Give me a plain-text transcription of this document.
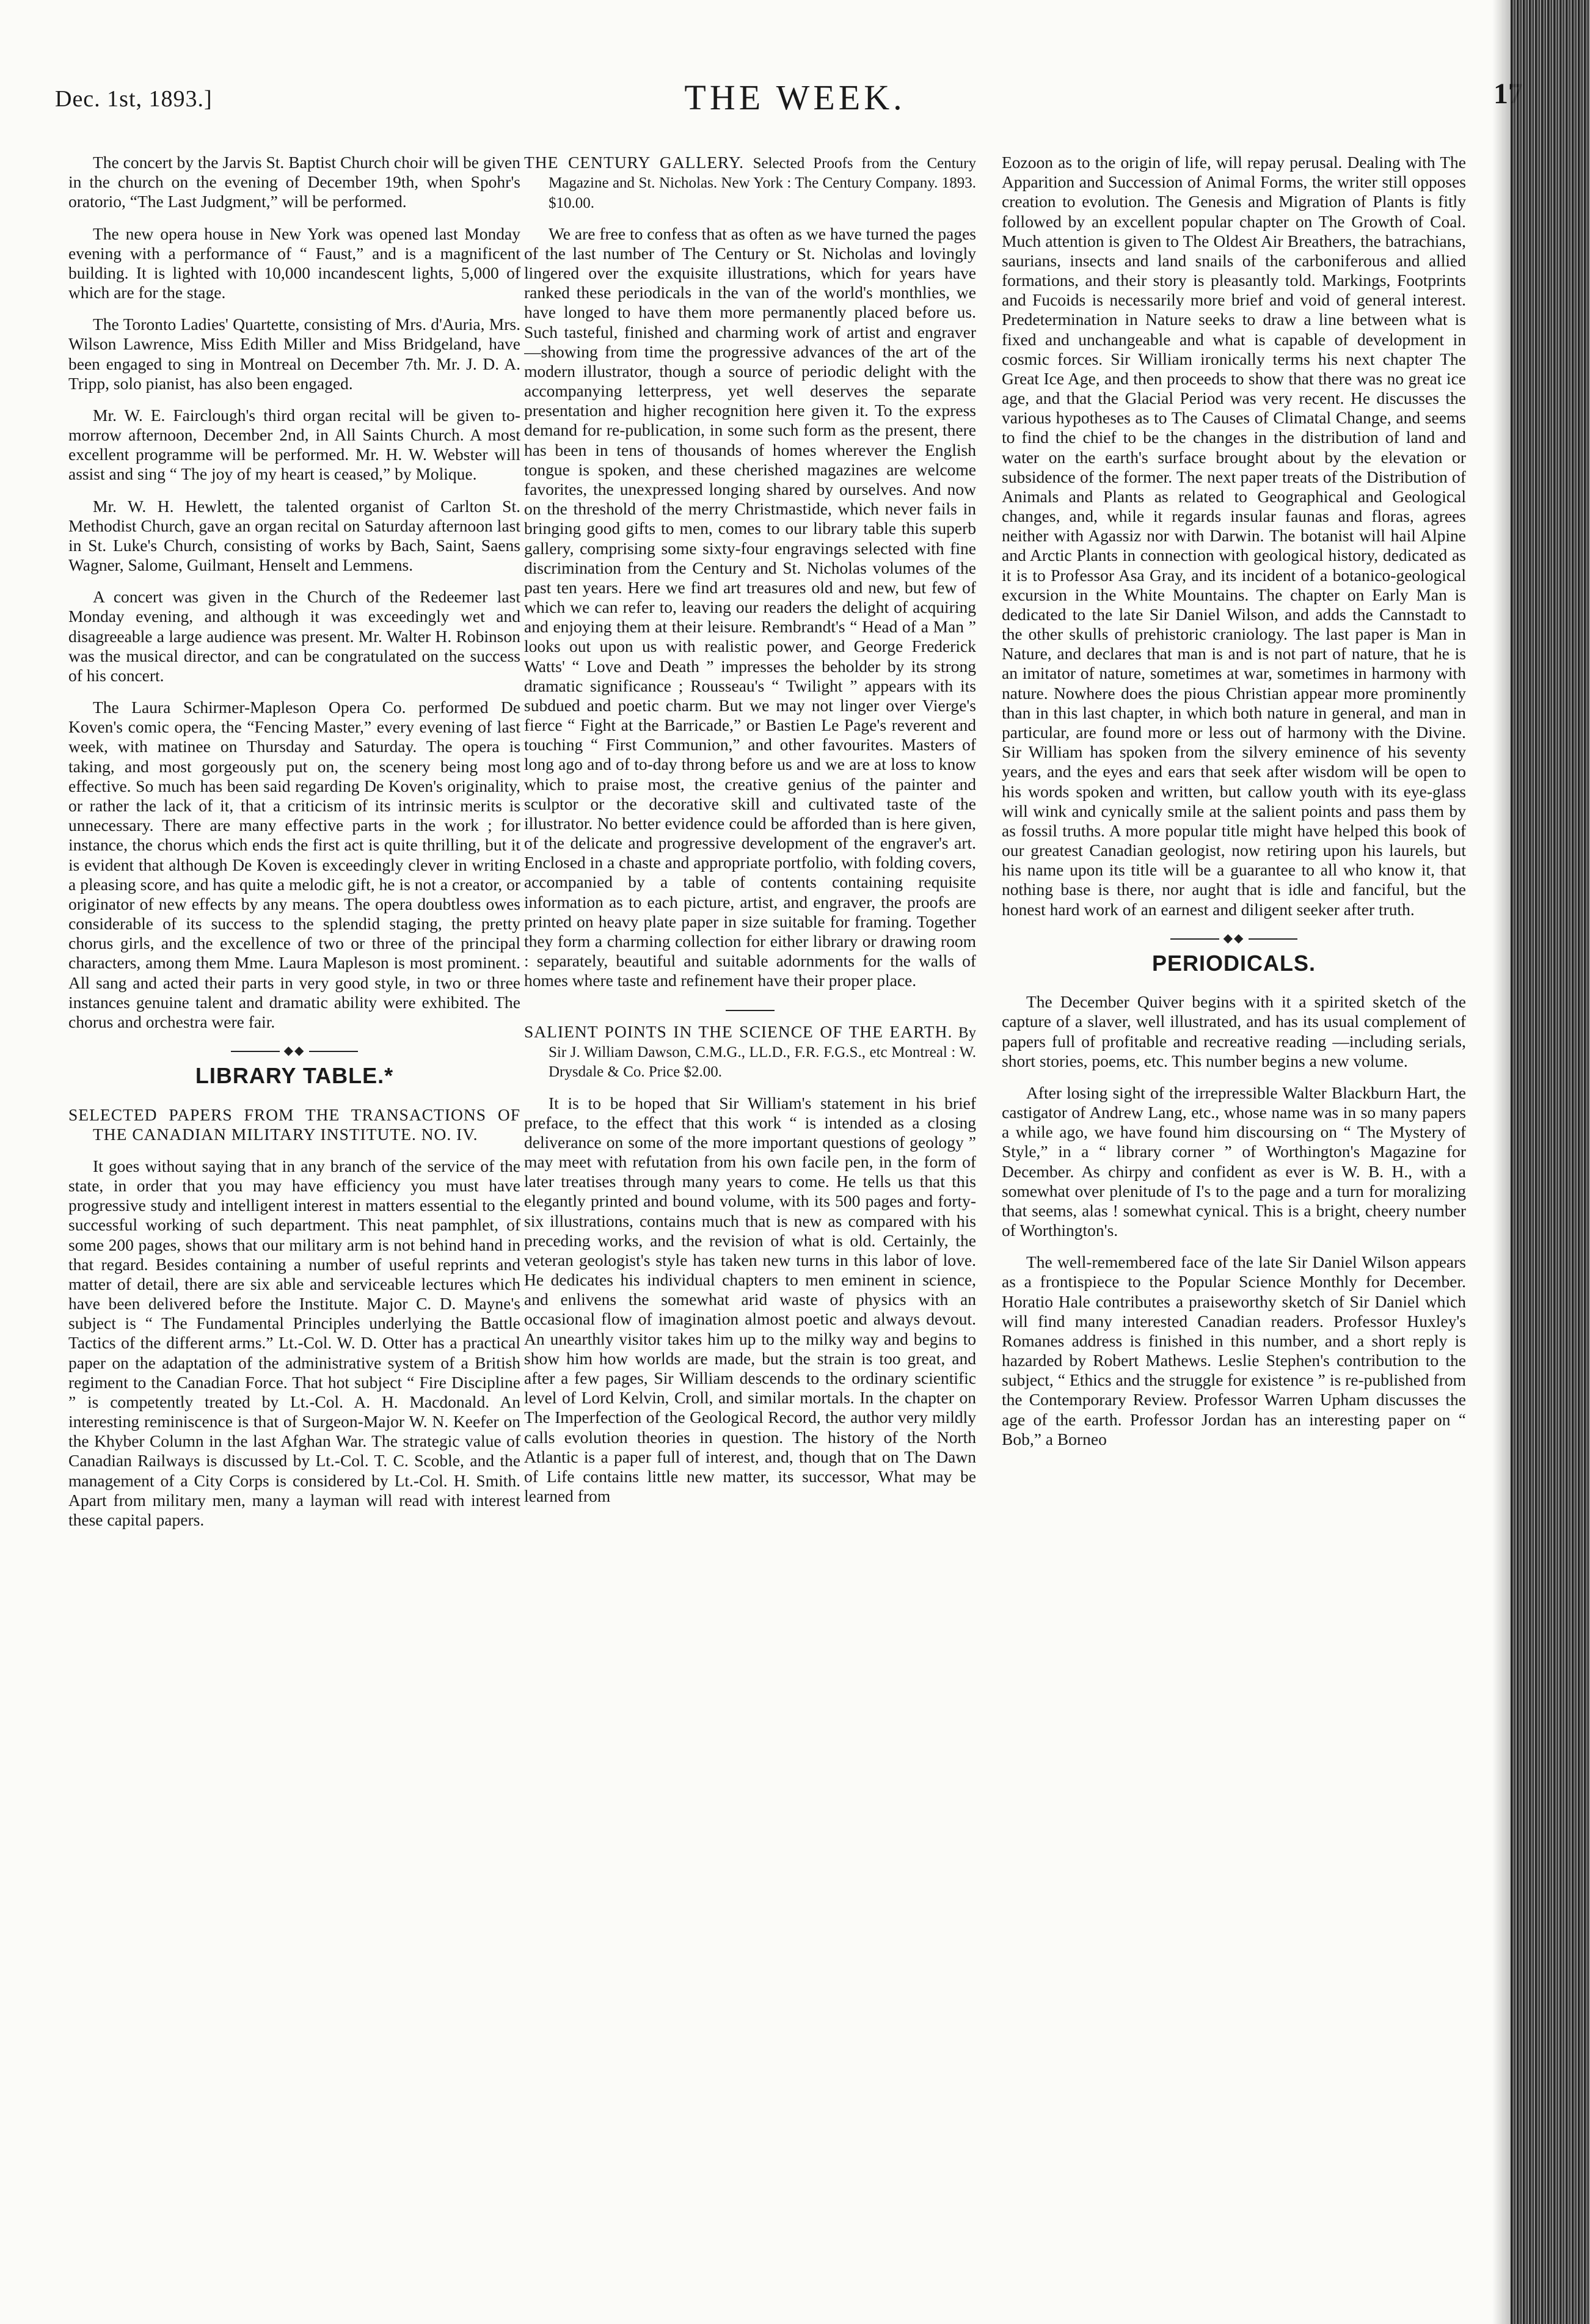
Dec. 1st, 1893.]	THE WEEK.

The concert by the Jarvis St. Baptist Church choir will be given in the church on the evening of December 19th, when Spohr's oratorio, “The Last Judgment,” will be performed.

The new opera house in New York was opened last Monday evening with a performance of “ Faust,” and is a magnificent building. It is lighted with 10,000 incandescent lights, 5,000 of which are for the stage.

The Toronto Ladies' Quartette, consisting of Mrs. d'Auria, Mrs. Wilson Lawrence, Miss Edith Miller and Miss Bridgeland, have been engaged to sing in Montreal on December 7th. Mr. J. D. A. Tripp, solo pianist, has also been engaged.

Mr. W. E. Fairclough's third organ recital will be given to-morrow afternoon, December 2nd, in All Saints Church. A most excellent programme will be performed. Mr. H. W. Webster will assist and sing “ The joy of my heart is ceased,” by Molique.

Mr. W. H. Hewlett, the talented organist of Carlton St. Methodist Church, gave an organ recital on Saturday afternoon last in St. Luke's Church, consisting of works by Bach, Saint, Saens Wagner, Salome, Guilmant, Henselt and Lemmens.

A concert was given in the Church of the Redeemer last Monday evening, and although it was exceedingly wet and disagreeable a large audience was present. Mr. Walter H. Robinson was the musical director, and can be congratulated on the success of his concert.

The Laura Schirmer-Mapleson Opera Co. performed De Koven's comic opera, the “Fencing Master,” every evening of last week, with matinee on Thursday and Saturday. The opera is taking, and most gorgeously put on, the scenery being most effective. So much has been said regarding De Koven's originality, or rather the lack of it, that a criticism of its intrinsic merits is unnecessary. There are many effective parts in the work ; for instance, the chorus which ends the first act is quite thrilling, but it is evident that although De Koven is exceedingly clever in writing a pleasing score, and has quite a melodic gift, he is not a creator, or originator of new effects by any means. The opera doubtless owes considerable of its success to the splendid staging, the pretty chorus girls, and the excellence of two or three of the principal characters, among them Mme. Laura Mapleson is most prominent. All sang and acted their parts in very good style, in two or three instances genuine talent and dramatic ability were exhibited. The chorus and orchestra were fair.

◆◆
LIBRARY TABLE.*
SELECTED PAPERS FROM THE TRANSACTIONS OF THE CANADIAN MILITARY INSTITUTE. NO. IV.

It goes without saying that in any branch of the service of the state, in order that you may have efficiency you must have progressive study and intelligent interest in matters essential to the successful working of such department. This neat pamphlet, of some 200 pages, shows that our military arm is not behind hand in that regard. Besides containing a number of useful reprints and matter of detail, there are six able and serviceable lectures which have been delivered before the Institute. Major C. D. Mayne's subject is “ The Fundamental Principles underlying the Battle Tactics of the different arms.” Lt.-Col. W. D. Otter has a practical paper on the adaptation of the administrative system of a British regiment to the Canadian Force. That hot subject “ Fire Discipline ” is competently treated by Lt.-Col. A. H. Macdonald. An interesting reminiscence is that of Surgeon-Major W. N. Keefer on the Khyber Column in the last Afghan War. The strategic value of Canadian Railways is discussed by Lt.-Col. T. C. Scoble, and the management of a City Corps is considered by Lt.-Col. H. Smith. Apart from military men, many a layman will read with interest these capital papers.

THE CENTURY GALLERY. Selected Proofs from the Century Magazine and St. Nicholas. New York : The Century Company. 1893. $10.00.

We are free to confess that as often as we have turned the pages of the last number of The Century or St. Nicholas and lovingly lingered over the exquisite illustrations, which for years have ranked these periodicals in the van of the world's monthlies, we have longed to have them more permanently placed before us. Such tasteful, finished and charming work of artist and engraver —showing from time the progressive advances of the art of the modern illustrator, though a source of periodic delight with the accompanying letterpress, yet well deserves the separate presentation and higher recognition here given it. To the express demand for re-publication, in some such form as the present, there has been in tens of thousands of homes wherever the English tongue is spoken, and these cherished magazines are welcome favorites, the unexpressed longing shared by ourselves. And now on the threshold of the merry Christmastide, which never fails in bringing good gifts to men, comes to our library table this superb gallery, comprising some sixty-four engravings selected with fine discrimination from the Century and St. Nicholas volumes of the past ten years. Here we find art treasures old and new, but few of which we can refer to, leaving our readers the delight of acquiring and enjoying them at their leisure. Rembrandt's “ Head of a Man ” looks out upon us with realistic power, and George Frederick Watts' “ Love and Death ” impresses the beholder by its strong dramatic significance ; Rousseau's “ Twilight ” appears with its subdued and poetic charm. But we may not linger over Vierge's fierce “ Fight at the Barricade,” or Bastien Le Page's reverent and touching “ First Communion,” and other favourites. Masters of long ago and of to-day throng before us and we are at loss to know which to praise most, the creative genius of the painter and sculptor or the decorative skill and cultivated taste of the illustrator. No better evidence could be afforded than is here given, of the delicate and progressive development of the engraver's art. Enclosed in a chaste and appropriate portfolio, with folding covers, accompanied by a table of contents containing requisite information as to each picture, artist, and engraver, the proofs are printed on heavy plate paper in size suitable for framing. Together they form a charming collection for either library or drawing room : separately, beautiful and suitable adornments for the walls of homes where taste and refinement have their proper place.

SALIENT POINTS IN THE SCIENCE OF THE EARTH. By Sir J. William Dawson, C.M.G., LL.D., F.R. F.G.S., etc Montreal : W. Drysdale & Co. Price $2.00.

It is to be hoped that Sir William's statement in his brief preface, to the effect that this work “ is intended as a closing deliverance on some of the more important questions of geology ” may meet with refutation from his own facile pen, in the form of later treatises through many years to come. He tells us that this elegantly printed and bound volume, with its 500 pages and forty-six illustrations, contains much that is new as compared with his preceding works, and the revision of what is old. Certainly, the veteran geologist's style has taken new turns in this labor of love. He dedicates his individual chapters to men eminent in science, and enlivens the somewhat arid waste of physics with an occasional flow of imagination almost poetic and always devout. An unearthly visitor takes him up to the milky way and begins to show him how worlds are made, but the strain is too great, and after a few pages, Sir William descends to the ordinary scientific level of Lord Kelvin, Croll, and similar mortals. In the chapter on The Imperfection of the Geological Record, the author very mildly calls evolution theories in question. The history of the North Atlantic is a paper full of interest, and, though that on The Dawn of Life contains little new matter, its successor, What may be learned from

Eozoon as to the origin of life, will repay perusal. Dealing with The Apparition and Succession of Animal Forms, the writer still opposes creation to evolution. The Genesis and Migration of Plants is fitly followed by an excellent popular chapter on The Growth of Coal. Much attention is given to The Oldest Air Breathers, the batrachians, saurians, insects and land snails of the carboniferous and allied formations, and their story is pleasantly told. Markings, Footprints and Fucoids is necessarily more brief and void of general interest. Predetermination in Nature seeks to draw a line between what is fixed and unchangeable and what is capable of development in cosmic forces. Sir William ironically terms his next chapter The Great Ice Age, and then proceeds to show that there was no great ice age, and that the Glacial Period was very recent. He discusses the various hypotheses as to The Causes of Climatal Change, and seems to find the chief to be the changes in the distribution of land and water on the earth's surface brought about by the elevation or subsidence of the former. The next paper treats of the Distribution of Animals and Plants as related to Geographical and Geological changes, and, while it regards insular faunas and floras, agrees neither with Agassiz nor with Darwin. The botanist will hail Alpine and Arctic Plants in connection with geological history, dedicated as it is to Professor Asa Gray, and its incident of a botanico-geological excursion in the White Mountains. The chapter on Early Man is dedicated to the late Sir Daniel Wilson, and adds the Cannstadt to the other skulls of prehistoric craniology. The last paper is Man in Nature, and declares that man is and is not part of nature, that he is an imitator of nature, sometimes at war, sometimes in harmony with nature. Nowhere does the pious Christian appear more prominently than in this last chapter, in which both nature in general, and man in particular, are found more or less out of harmony with the Divine. Sir William has spoken from the silvery eminence of his seventy years, and the eyes and ears that seek after wisdom will be open to his words spoken and written, but callow youth with its eye-glass will wink and cynically smile at the salient points and pass them by as fossil truths. A more popular title might have helped this book of our greatest Canadian geologist, now retiring upon his laurels, but his name upon its title will be a guarantee to all who know it, that nothing base is there, nor aught that is idle and fanciful, but the honest hard work of an earnest and diligent seeker after truth.

◆◆
PERIODICALS.

The December Quiver begins with it a spirited sketch of the capture of a slaver, well illustrated, and has its usual complement of papers full of profitable and recreative reading —including serials, short stories, poems, etc. This number begins a new volume.

After losing sight of the irrepressible Walter Blackburn Hart, the castigator of Andrew Lang, etc., whose name was in so many papers a while ago, we have found him discoursing on “ The Mystery of Style,” in a “ library corner ” of Worthington's Magazine for December. As chirpy and confident as ever is W. B. H., with a somewhat over plenitude of I's to the page and a turn for moralizing that seems, alas ! somewhat cynical. This is a bright, cheery number of Worthington's.

The well-remembered face of the late Sir Daniel Wilson appears as a frontispiece to the Popular Science Monthly for December. Horatio Hale contributes a praiseworthy sketch of Sir Daniel which will find many interested Canadian readers. Professor Huxley's Romanes address is finished in this number, and a short reply is hazarded by Robert Mathews. Leslie Stephen's contribution to the subject, “ Ethics and the struggle for existence ” is re-published from the Contemporary Review. Professor Warren Upham discusses the age of the earth. Professor Jordan has an interesting paper on “ Bob,” a Borneo
